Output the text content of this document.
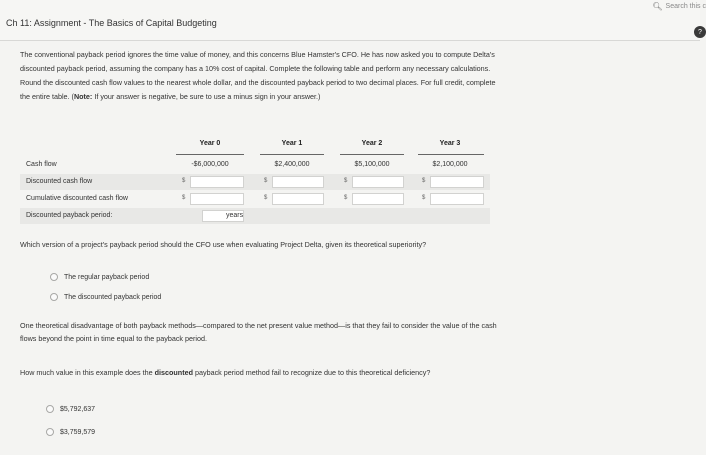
Ch 11: Assignment - The Basics of Capital Budgeting
🔍︎ Search this c
?
The conventional payback period ignores the time value of money, and this concerns Blue Hamster's CFO. He has now asked you to compute Delta's
discounted payback period, assuming the company has a 10% cost of capital. Complete the following table and perform any necessary calculations.
Round the discounted cash flow values to the nearest whole dollar, and the discounted payback period to two decimal places. For full credit, complete
the entire table. (Note: If your answer is negative, be sure to use a minus sign in your answer.)
Year 0	Year 1	Year 2	Year 3
Cash flow	-$6,000,000	$2,400,000	$5,100,000	$2,100,000
Discounted cash flow	$	$	$	$
Cumulative discounted cash flow	$	$	$	$
Discounted payback period:	years
Which version of a project's payback period should the CFO use when evaluating Project Delta, given its theoretical superiority?
The regular payback period
The discounted payback period
One theoretical disadvantage of both payback methods—compared to the net present value method—is that they fail to consider the value of the cash
flows beyond the point in time equal to the payback period.
How much value in this example does the discounted payback period method fail to recognize due to this theoretical deficiency?
$5,792,637
$3,759,579
